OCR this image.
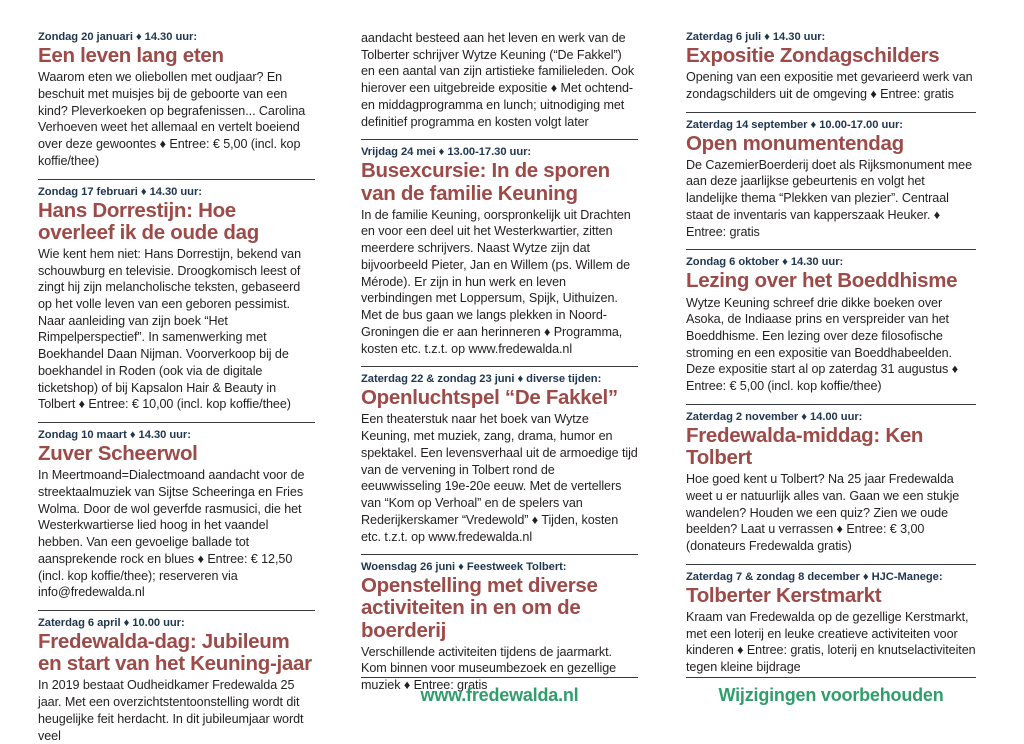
Zondag 20 januari ♦ 14.30 uur:
Een leven lang eten
Waarom eten we oliebollen met oudjaar? En beschuit met muisjes bij de geboorte van een kind? Pleverkoeken op begrafenissen... Carolina Verhoeven weet het allemaal en vertelt boeiend over deze gewoontes ♦ Entree: € 5,00 (incl. kop koffie/thee)
Zondag 17 februari ♦ 14.30 uur:
Hans Dorrestijn: Hoe overleef ik de oude dag
Wie kent hem niet: Hans Dorrestijn, bekend van schouwburg en televisie. Droogkomisch leest of zingt hij zijn melancholische teksten, gebaseerd op het volle leven van een geboren pessimist. Naar aanleiding van zijn boek “Het Rimpelperspectief”. In samenwerking met Boekhandel Daan Nijman. Voorverkoop bij de boekhandel in Roden (ook via de digitale ticketshop) of bij Kapsalon Hair & Beauty in Tolbert ♦ Entree: € 10,00 (incl. kop koffie/thee)
Zondag 10 maart ♦ 14.30 uur:
Zuver Scheerwol
In Meertmoand=Dialectmoand aandacht voor de streektaalmuziek van Sijtse Scheeringa en Fries Wolma. Door de wol geverfde rasmusici, die het Westerkwartierse lied hoog in het vaandel hebben. Van een gevoelige ballade tot aansprekende rock en blues ♦ Entree: € 12,50 (incl. kop koffie/thee); reserveren via info@fredewalda.nl
Zaterdag 6 april ♦ 10.00 uur:
Fredewalda-dag: Jubileum en start van het Keuning-jaar
In 2019 bestaat Oudheidkamer Fredewalda 25 jaar. Met een overzichtstentoonstelling wordt dit heugelijke feit herdacht. In dit jubileumjaar wordt veel
aandacht besteed aan het leven en werk van de Tolberter schrijver Wytze Keuning (“De Fakkel”) en een aantal van zijn artistieke familieleden. Ook hierover een uitgebreide expositie ♦ Met ochtend- en middagprogramma en lunch; uitnodiging met definitief programma en kosten volgt later
Vrijdag 24 mei ♦ 13.00-17.30 uur:
Busexcursie: In de sporen van de familie Keuning
In de familie Keuning, oorspronkelijk uit Drachten en voor een deel uit het Westerkwartier, zitten meerdere schrijvers. Naast Wytze zijn dat bijvoorbeeld Pieter, Jan en Willem (ps. Willem de Mérode). Er zijn in hun werk en leven verbindingen met Loppersum, Spijk, Uithuizen. Met de bus gaan we langs plekken in Noord-Groningen die er aan herinneren ♦ Programma, kosten etc. t.z.t. op www.fredewalda.nl
Zaterdag 22 & zondag 23 juni ♦ diverse tijden:
Openluchtspel “De Fakkel”
Een theaterstuk naar het boek van Wytze Keuning, met muziek, zang, drama, humor en spektakel. Een levensverhaal uit de armoedige tijd van de vervening in Tolbert rond de eeuwwisseling 19e-20e eeuw. Met de vertellers van “Kom op Verhoal” en de spelers van Rederijkerskamer “Vredewold” ♦ Tijden, kosten etc. t.z.t. op www.fredewalda.nl
Woensdag 26 juni ♦ Feestweek Tolbert:
Openstelling met diverse activiteiten in en om de boerderij
Verschillende activiteiten tijdens de jaarmarkt. Kom binnen voor museumbezoek en gezellige muziek ♦ Entree: gratis
Zaterdag 6 juli ♦ 14.30 uur:
Expositie Zondagschilders
Opening van een expositie met gevarieerd werk van zondagschilders uit de omgeving ♦ Entree: gratis
Zaterdag 14 september ♦ 10.00-17.00 uur:
Open monumentendag
De CazemierBoerderij doet als Rijksmonument mee aan deze jaarlijkse gebeurtenis en volgt het landelijke thema “Plekken van plezier”. Centraal staat de inventaris van kapperszaak Heuker. ♦ Entree: gratis
Zondag 6 oktober ♦ 14.30 uur:
Lezing over het Boeddhisme
Wytze Keuning schreef drie dikke boeken over Asoka, de Indiaase prins en verspreider van het Boeddhisme. Een lezing over deze filosofische stroming en een expositie van Boeddhabeelden. Deze expositie start al op zaterdag 31 augustus ♦ Entree: € 5,00 (incl. kop koffie/thee)
Zaterdag 2 november ♦ 14.00 uur:
Fredewalda-middag: Ken Tolbert
Hoe goed kent u Tolbert? Na 25 jaar Fredewalda weet u er natuurlijk alles van. Gaan we een stukje wandelen? Houden we een quiz? Zien we oude beelden? Laat u verrassen ♦ Entree: € 3,00 (donateurs Fredewalda gratis)
Zaterdag 7 & zondag 8 december ♦ HJC-Manege:
Tolberter Kerstmarkt
Kraam van Fredewalda op de gezellige Kerstmarkt, met een loterij en leuke creatieve activiteiten voor kinderen ♦ Entree: gratis, loterij en knutselactiviteiten tegen kleine bijdrage
www.fredewalda.nl	Wijzigingen voorbehouden
